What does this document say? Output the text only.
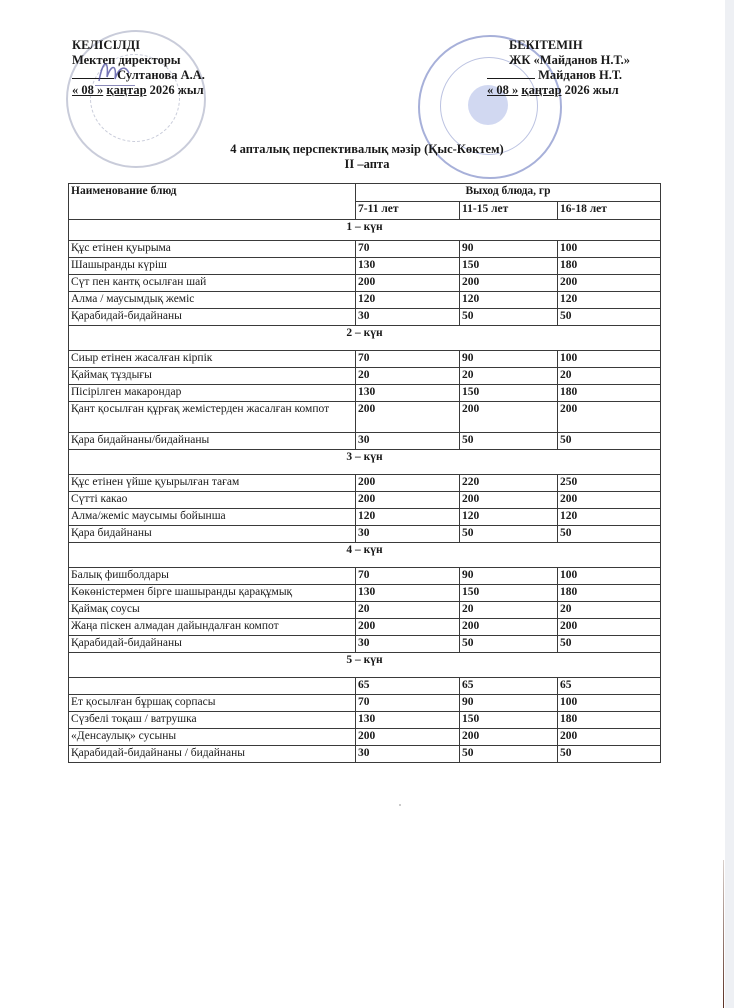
КЕЛІСІЛДІ
Мектеп директоры
Султанова А.А.
« 08 » қаңтар 2026 жыл
БЕКІТЕМІН
ЖК «Майданов Н.Т.»
Майданов Н.Т.
« 08 » қаңтар 2026 жыл
4 апталық перспективалық мәзір (Қыс-Көктем)
II –апта
Наименование блюд	Выход блюда, гр		
	7-11 лет	11-15 лет	16-18 лет
1 – күн			
Құс етінен қуырыма	70	90	100
Шашыранды күріш	130	150	180
Сүт пен кантқ осылған шай	200	200	200
Алма / маусымдық жеміс	120	120	120
Қарабидай-бидайнаны	30	50	50
2 – күн			
Сиыр етінен жасалған кірпік	70	90	100
Қаймақ тұздығы	20	20	20
Пісірілген макарондар	130	150	180
Қант қосылған құрғақ жемістерден жасалған компот	200	200	200
Қара бидайнаны/бидайнаны	30	50	50
3 – күн			
Құс етінен үйше қуырылған тағам	200	220	250
Сүтті какао	200	200	200
Алма/жеміс маусымы бойынша	120	120	120
Қара бидайнаны	30	50	50
4 – күн			
Балық фишболдары	70	90	100
Көкөністермен бірге шашыранды қарақұмық	130	150	180
Қаймақ соусы	20	20	20
Жаңа піскен алмадан дайындалған компот	200	200	200
Қарабидай-бидайнаны	30	50	50
5 – күн			
	65	65	65
Ет қосылған бұршақ сорпасы	70	90	100
Сүзбелі тоқаш / ватрушка	130	150	180
«Денсаулық» сусыны	200	200	200
Қарабидай-бидайнаны / бидайнаны	30	50	50
